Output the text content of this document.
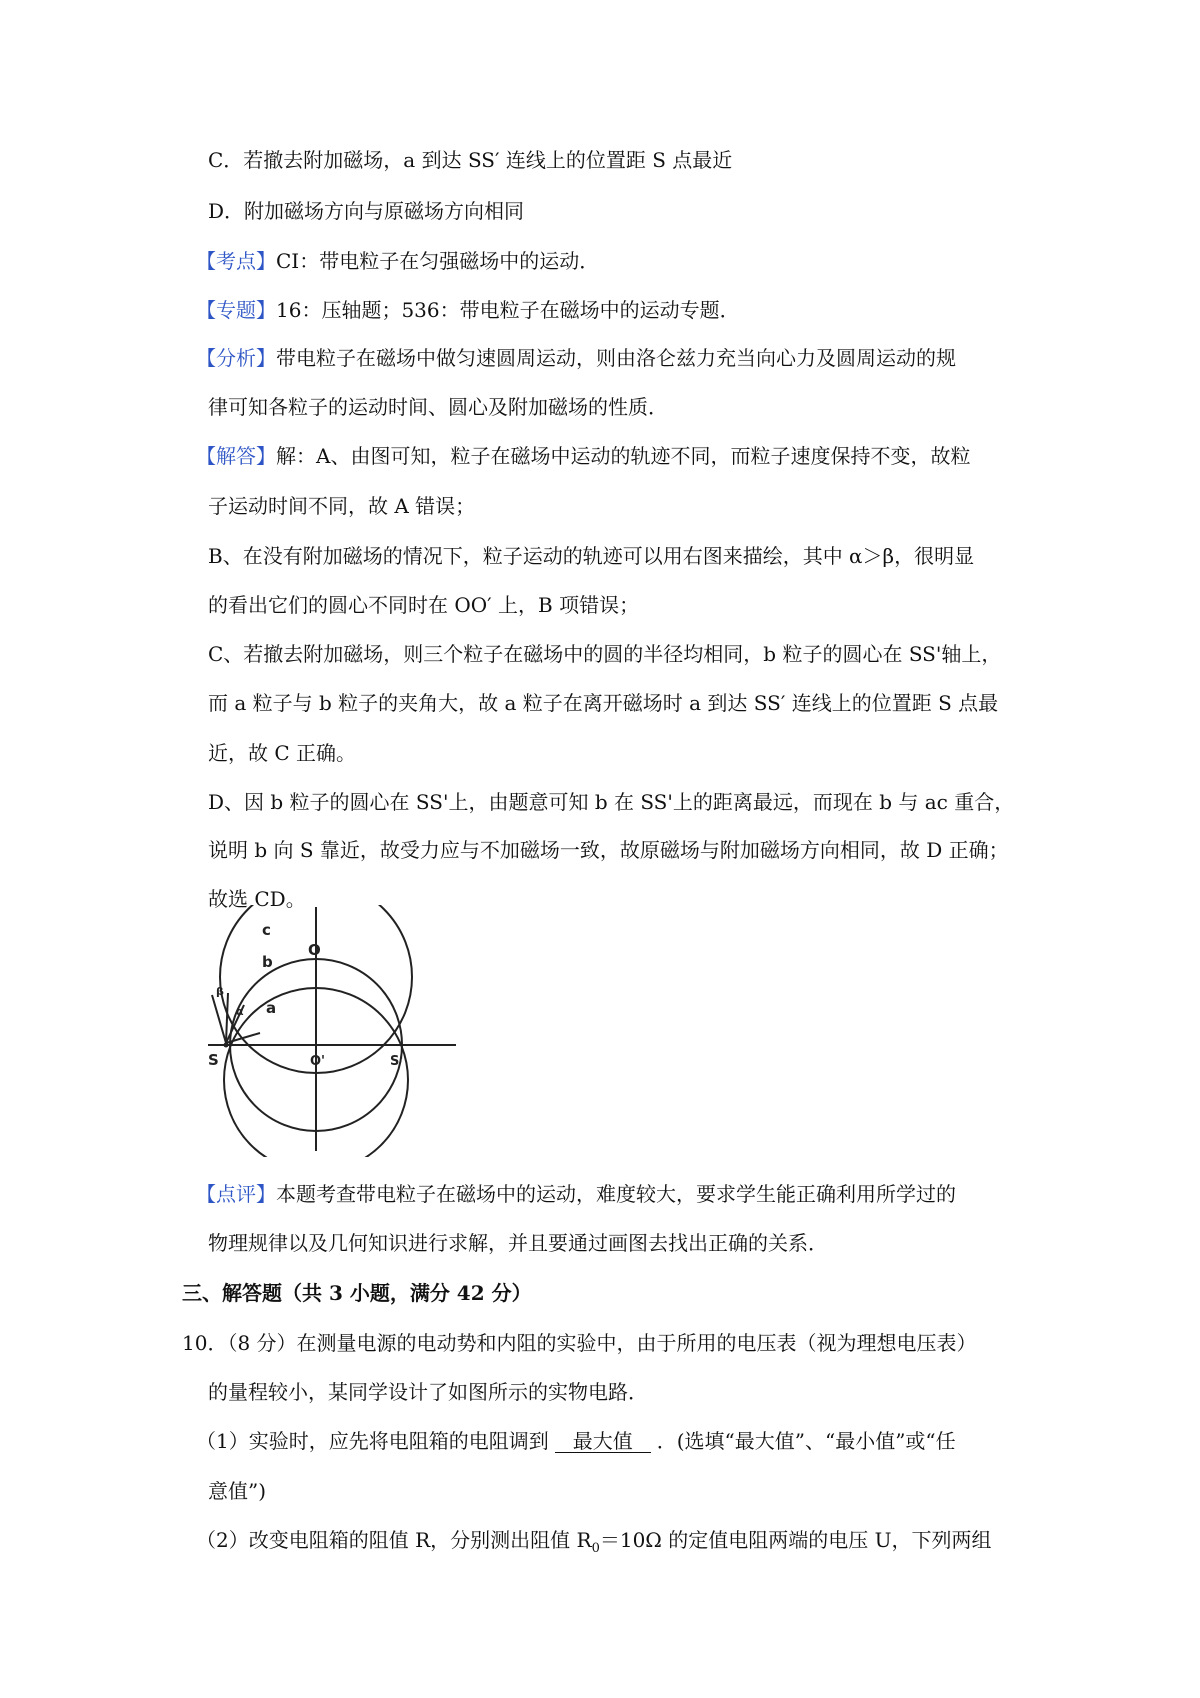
C．若撤去附加磁场，a 到达 SS′ 连线上的位置距 S 点最近
D．附加磁场方向与原磁场方向相同
【考点】CI：带电粒子在匀强磁场中的运动．
【专题】16：压轴题；536：带电粒子在磁场中的运动专题．
【分析】带电粒子在磁场中做匀速圆周运动，则由洛仑兹力充当向心力及圆周运动的规
律可知各粒子的运动时间、圆心及附加磁场的性质．
【解答】解：A、由图可知，粒子在磁场中运动的轨迹不同，而粒子速度保持不变，故粒
子运动时间不同，故 A 错误；
B、在没有附加磁场的情况下，粒子运动的轨迹可以用右图来描绘，其中 α＞β，很明显
的看出它们的圆心不同时在 OO′ 上，B 项错误；
C、若撤去附加磁场，则三个粒子在磁场中的圆的半径均相同，b 粒子的圆心在 SS'轴上，
而 a 粒子与 b 粒子的夹角大，故 a 粒子在离开磁场时 a 到达 SS′ 连线上的位置距 S 点最
近，故 C 正确。
D、因 b 粒子的圆心在 SS'上，由题意可知 b 在 SS'上的距离最远，而现在 b 与 ac 重合，
说明 b 向 S 靠近，故受力应与不加磁场一致，故原磁场与附加磁场方向相同，故 D 正确；
故选 CD。
c
b
a
α
β
O
S	O'	S'
【点评】本题考查带电粒子在磁场中的运动，难度较大，要求学生能正确利用所学过的
物理规律以及几何知识进行求解，并且要通过画图去找出正确的关系．
三、解答题（共 3 小题，满分 42 分）
10．（8 分）在测量电源的电动势和内阻的实验中，由于所用的电压表（视为理想电压表）
的量程较小，某同学设计了如图所示的实物电路．
（1）实验时，应先将电阻箱的电阻调到 最大值 ．(选填“最大值”、“最小值”或“任
意值”)
（2）改变电阻箱的阻值 R，分别测出阻值 $R_0=10\Omega$ 的定值电阻两端的电压 U，下列两组
